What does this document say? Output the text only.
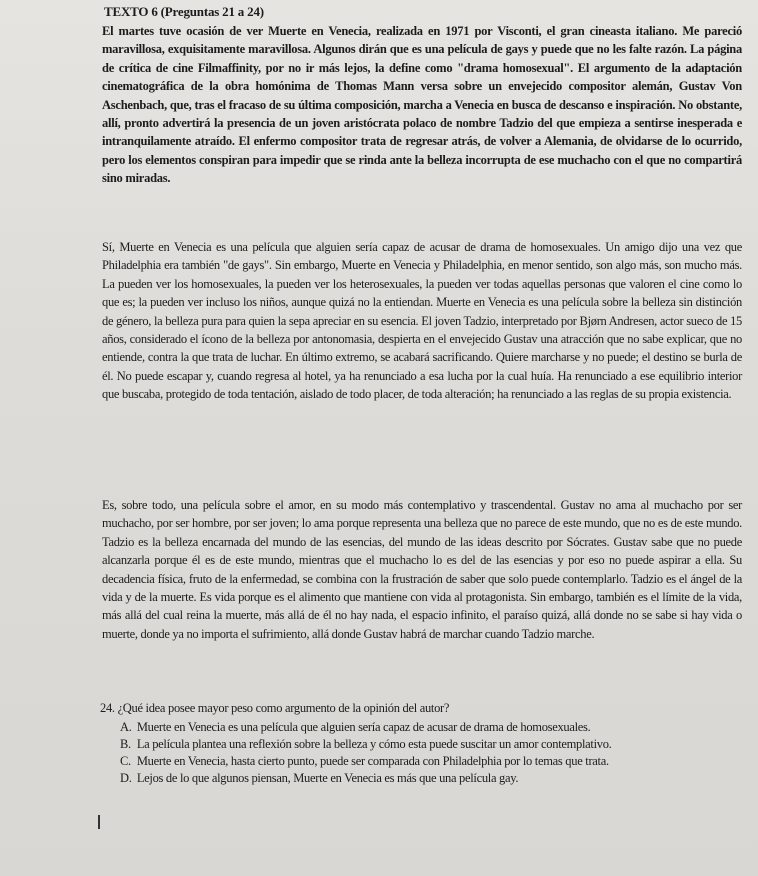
TEXTO 6 (Preguntas 21 a 24)

El martes tuve ocasión de ver Muerte en Venecia, realizada en 1971 por Visconti, el gran cineasta italiano. Me pareció maravillosa, exquisitamente maravillosa. Algunos dirán que es una película de gays y puede que no les falte razón. La página de crítica de cine Filmaffinity, por no ir más lejos, la define como "drama homosexual". El argumento de la adaptación cinematográfica de la obra homónima de Thomas Mann versa sobre un envejecido compositor alemán, Gustav Von Aschenbach, que, tras el fracaso de su última composición, marcha a Venecia en busca de descanso e inspiración. No obstante, allí, pronto advertirá la presencia de un joven aristócrata polaco de nombre Tadzio del que empieza a sentirse inesperada e intranquilamente atraído. El enfermo compositor trata de regresar atrás, de volver a Alemania, de olvidarse de lo ocurrido, pero los elementos conspiran para impedir que se rinda ante la belleza incorrupta de ese muchacho con el que no compartirá sino miradas.

Sí, Muerte en Venecia es una película que alguien sería capaz de acusar de drama de homosexuales. Un amigo dijo una vez que Philadelphia era también "de gays". Sin embargo, Muerte en Venecia y Philadelphia, en menor sentido, son algo más, son mucho más. La pueden ver los homosexuales, la pueden ver los heterosexuales, la pueden ver todas aquellas personas que valoren el cine como lo que es; la pueden ver incluso los niños, aunque quizá no la entiendan. Muerte en Venecia es una película sobre la belleza sin distinción de género, la belleza pura para quien la sepa apreciar en su esencia. El joven Tadzio, interpretado por Bjørn Andresen, actor sueco de 15 años, considerado el ícono de la belleza por antonomasia, despierta en el envejecido Gustav una atracción que no sabe explicar, que no entiende, contra la que trata de luchar. En último extremo, se acabará sacrificando. Quiere marcharse y no puede; el destino se burla de él. No puede escapar y, cuando regresa al hotel, ya ha renunciado a esa lucha por la cual huía. Ha renunciado a ese equilibrio interior que buscaba, protegido de toda tentación, aislado de todo placer, de toda alteración; ha renunciado a las reglas de su propia existencia.

Es, sobre todo, una película sobre el amor, en su modo más contemplativo y trascendental. Gustav no ama al muchacho por ser muchacho, por ser hombre, por ser joven; lo ama porque representa una belleza que no parece de este mundo, que no es de este mundo. Tadzio es la belleza encarnada del mundo de las esencias, del mundo de las ideas descrito por Sócrates. Gustav sabe que no puede alcanzarla porque él es de este mundo, mientras que el muchacho lo es del de las esencias y por eso no puede aspirar a ella. Su decadencia física, fruto de la enfermedad, se combina con la frustración de saber que solo puede contemplarlo. Tadzio es el ángel de la vida y de la muerte. Es vida porque es el alimento que mantiene con vida al protagonista. Sin embargo, también es el límite de la vida, más allá del cual reina la muerte, más allá de él no hay nada, el espacio infinito, el paraíso quizá, allá donde no se sabe si hay vida o muerte, donde ya no importa el sufrimiento, allá donde Gustav habrá de marchar cuando Tadzio marche.

24. ¿Qué idea posee mayor peso como argumento de la opinión del autor?

A. Muerte en Venecia es una película que alguien sería capaz de acusar de drama de homosexuales.
B. La película plantea una reflexión sobre la belleza y cómo esta puede suscitar un amor contemplativo.
C. Muerte en Venecia, hasta cierto punto, puede ser comparada con Philadelphia por lo temas que trata.
D. Lejos de lo que algunos piensan, Muerte en Venecia es más que una película gay.
